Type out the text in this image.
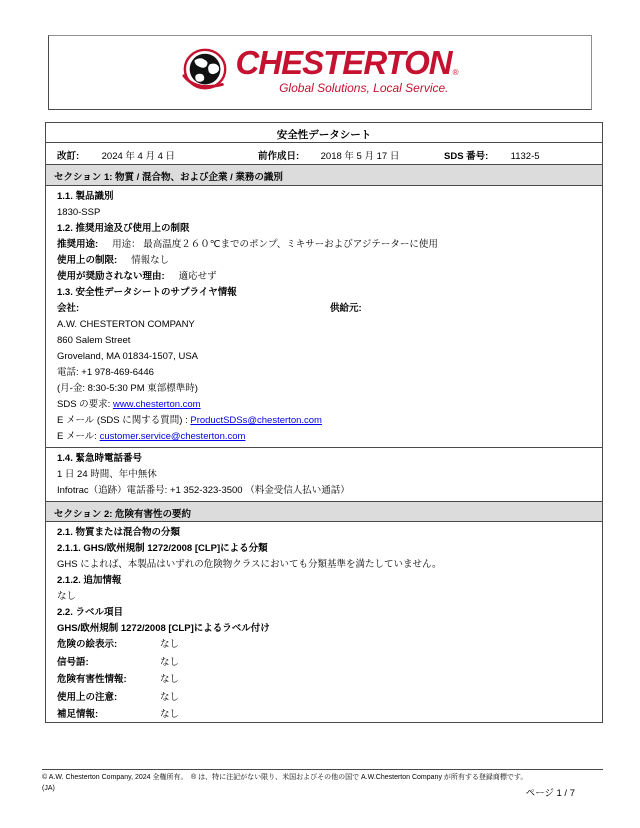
CHESTERTON ®
Global Solutions, Local Service.
安全性データシート
改訂: 2024 年 4 月 4 日	前作成日: 2018 年 5 月 17 日	SDS 番号: 1132-5
セクション 1: 物質 / 混合物、および企業 / 業務の識別
1.1. 製品識別
1830-SSP
1.2. 推奨用途及び使用上の制限
推奨用途: 用途： 最高温度２６０℃までのポンプ、ミキサーおよびアジテーターに使用
使用上の制限: 情報なし
使用が奨励されない理由: 適応せず
1.3. 安全性データシートのサプライヤ情報
会社:	供給元:
A.W. CHESTERTON COMPANY
860 Salem Street
Groveland, MA 01834-1507, USA
電話: +1 978-469-6446
(月-金: 8:30-5:30 PM 東部標準時)
SDS の要求: www.chesterton.com
E メール (SDS に関する質問) : ProductSDSs@chesterton.com
E メール: customer.service@chesterton.com
1.4. 緊急時電話番号
1 日 24 時間、年中無休
Infotrac（追跡）電話番号: +1 352-323-3500 （料金受信人払い通話）
セクション 2: 危険有害性の要約
2.1. 物質または混合物の分類
2.1.1. GHS/欧州規制 1272/2008 [CLP]による分類
GHS によれば、本製品はいずれの危険物クラスにおいても分類基準を満たしていません。
2.1.2. 追加情報
なし
2.2. ラベル項目
GHS/欧州規制 1272/2008 [CLP]によるラベル付け
危険の絵表示:	なし
信号語:	なし
危険有害性情報:	なし
使用上の注意:	なし
補足情報:	なし
© A.W. Chesterton Company, 2024 全権所有。　® は、特に注記がない限り、米国およびその他の国で A.W.Chesterton Company が所有する登録商標です。
(JA)	ページ 1 / 7
